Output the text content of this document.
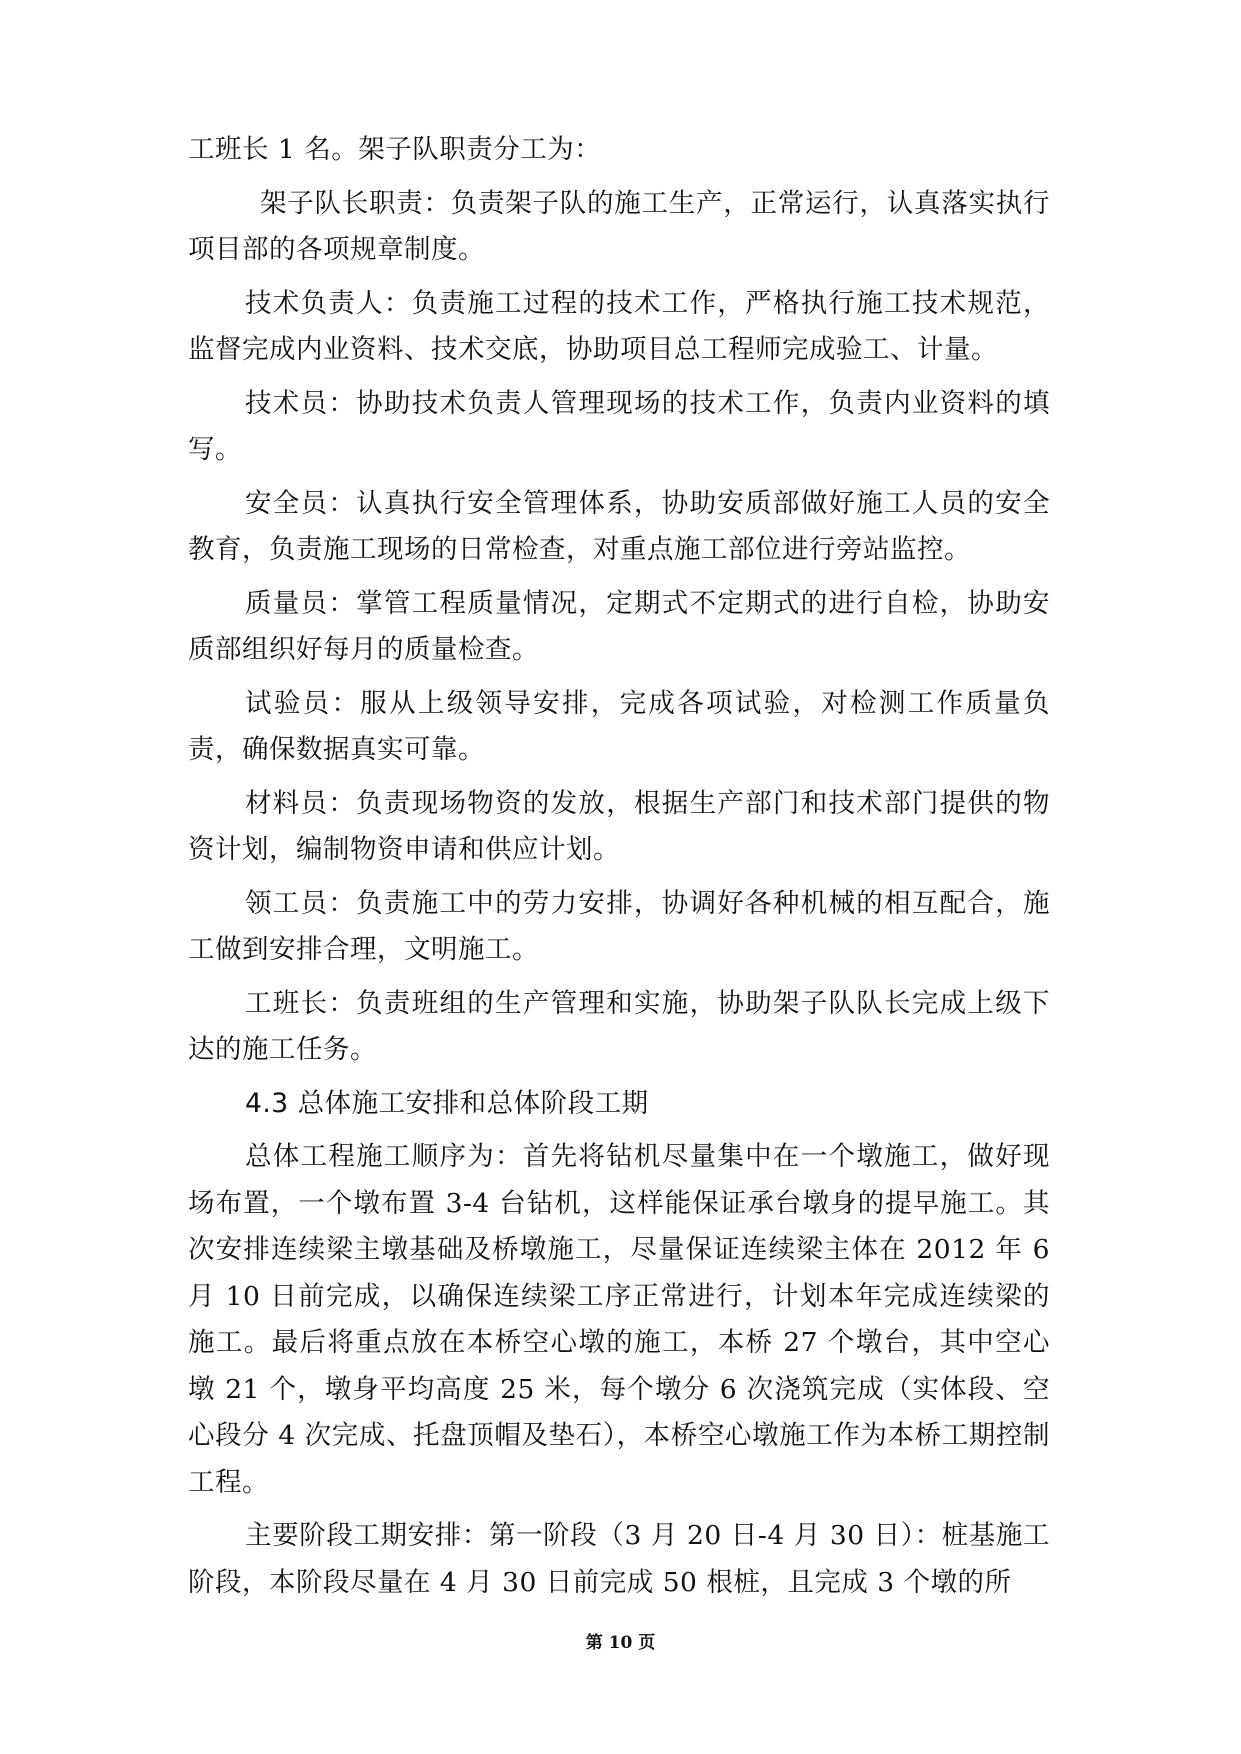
工班长 1 名。架子队职责分工为：

架子队长职责：负责架子队的施工生产，正常运行，认真落实执行项目部的各项规章制度。

技术负责人：负责施工过程的技术工作，严格执行施工技术规范，监督完成内业资料、技术交底，协助项目总工程师完成验工、计量。

技术员：协助技术负责人管理现场的技术工作，负责内业资料的填写。

安全员：认真执行安全管理体系，协助安质部做好施工人员的安全教育，负责施工现场的日常检查，对重点施工部位进行旁站监控。

质量员：掌管工程质量情况，定期式不定期式的进行自检，协助安质部组织好每月的质量检查。

试验员：服从上级领导安排，完成各项试验，对检测工作质量负责，确保数据真实可靠。

材料员：负责现场物资的发放，根据生产部门和技术部门提供的物资计划，编制物资申请和供应计划。

领工员：负责施工中的劳力安排，协调好各种机械的相互配合，施工做到安排合理，文明施工。

工班长：负责班组的生产管理和实施，协助架子队队长完成上级下达的施工任务。

4.3 总体施工安排和总体阶段工期

总体工程施工顺序为：首先将钻机尽量集中在一个墩施工，做好现场布置，一个墩布置 3-4 台钻机，这样能保证承台墩身的提早施工。其次安排连续梁主墩基础及桥墩施工，尽量保证连续梁主体在 2012 年 6 月 10 日前完成，以确保连续梁工序正常进行，计划本年完成连续梁的施工。最后将重点放在本桥空心墩的施工，本桥 27 个墩台，其中空心墩 21 个，墩身平均高度 25 米，每个墩分 6 次浇筑完成（实体段、空心段分 4 次完成、托盘顶帽及垫石），本桥空心墩施工作为本桥工期控制工程。

主要阶段工期安排：第一阶段（3 月 20 日-4 月 30 日）：桩基施工阶段，本阶段尽量在 4 月 30 日前完成 50 根桩，且完成 3 个墩的所

第 10 页
